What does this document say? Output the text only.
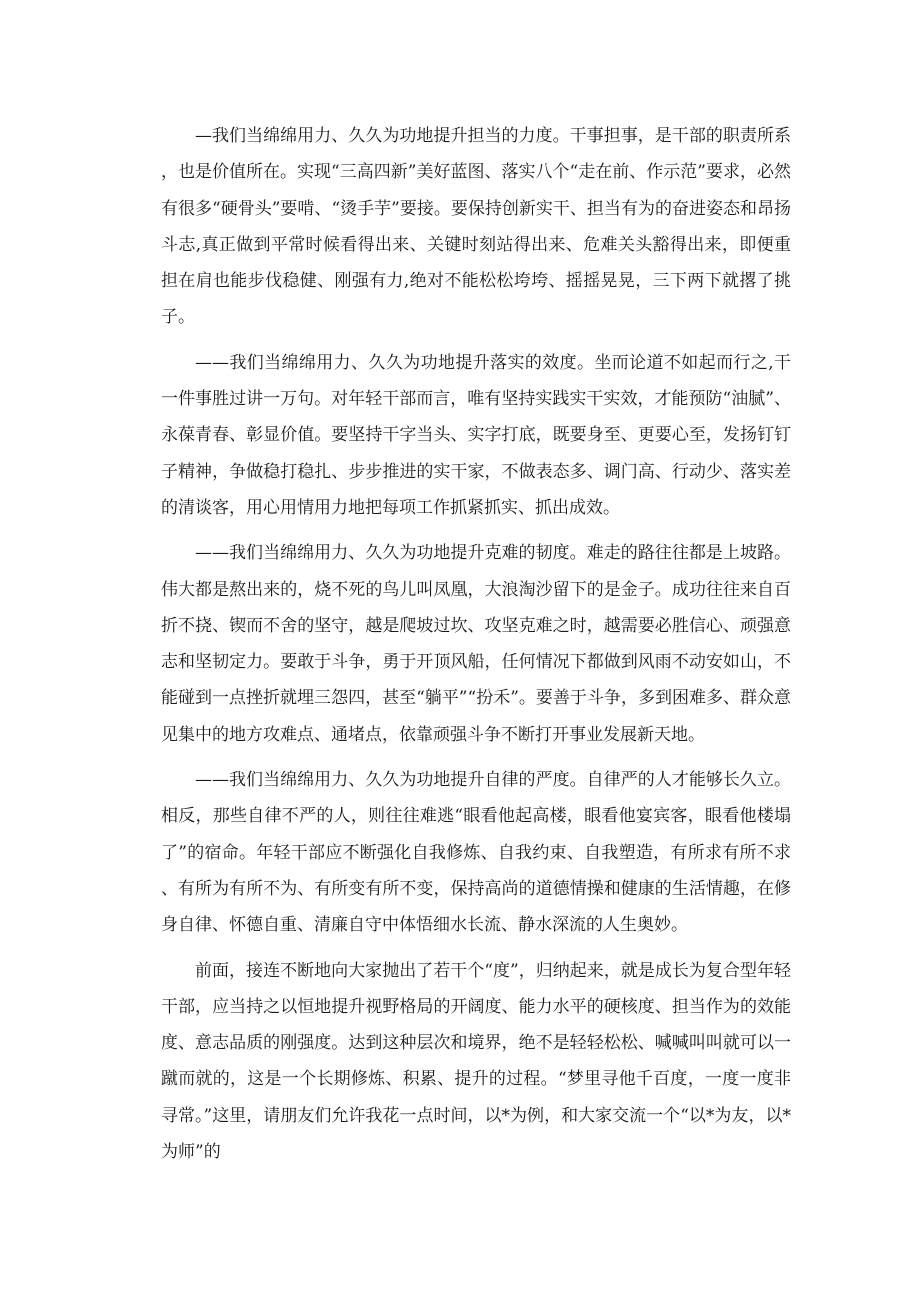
—我们当绵绵用力、久久为功地提升担当的力度。干事担事，是干部的职责所系，也是价值所在。实现“三高四新”美好蓝图、落实八个“走在前、作示范”要求，必然有很多“硬骨头”要啃、“烫手芋”要接。要保持创新实干、担当有为的奋进姿态和昂扬斗志,真正做到平常时候看得出来、关键时刻站得出来、危难关头豁得出来，即便重担在肩也能步伐稳健、刚强有力,绝对不能松松垮垮、摇摇晃晃，三下两下就撂了挑子。

——我们当绵绵用力、久久为功地提升落实的效度。坐而论道不如起而行之,干一件事胜过讲一万句。对年轻干部而言，唯有坚持实践实干实效，才能预防“油腻”、永葆青春、彰显价值。要坚持干字当头、实字打底，既要身至、更要心至，发扬钉钉子精神，争做稳打稳扎、步步推进的实干家，不做表态多、调门高、行动少、落实差的清谈客，用心用情用力地把每项工作抓紧抓实、抓出成效。

——我们当绵绵用力、久久为功地提升克难的韧度。难走的路往往都是上坡路。伟大都是熬出来的，烧不死的鸟儿叫凤凰，大浪淘沙留下的是金子。成功往往来自百折不挠、锲而不舍的坚守，越是爬坡过坎、攻坚克难之时，越需要必胜信心、顽强意志和坚韧定力。要敢于斗争，勇于开顶风船，任何情况下都做到风雨不动安如山，不能碰到一点挫折就埋三怨四，甚至“躺平”“扮禾”。要善于斗争，多到困难多、群众意见集中的地方攻难点、通堵点，依靠顽强斗争不断打开事业发展新天地。

——我们当绵绵用力、久久为功地提升自律的严度。自律严的人才能够长久立。相反，那些自律不严的人，则往往难逃“眼看他起高楼，眼看他宴宾客，眼看他楼塌了”的宿命。年轻干部应不断强化自我修炼、自我约束、自我塑造，有所求有所不求、有所为有所不为、有所变有所不变，保持高尚的道德情操和健康的生活情趣，在修身自律、怀德自重、清廉自守中体悟细水长流、静水深流的人生奥妙。

前面，接连不断地向大家抛出了若干个“度”，归纳起来，就是成长为复合型年轻干部，应当持之以恒地提升视野格局的开阔度、能力水平的硬核度、担当作为的效能度、意志品质的刚强度。达到这种层次和境界，绝不是轻轻松松、喊喊叫叫就可以一蹴而就的，这是一个长期修炼、积累、提升的过程。“梦里寻他千百度，一度一度非寻常。”这里，请朋友们允许我花一点时间，以*为例，和大家交流一个“以*为友，以*为师”的
